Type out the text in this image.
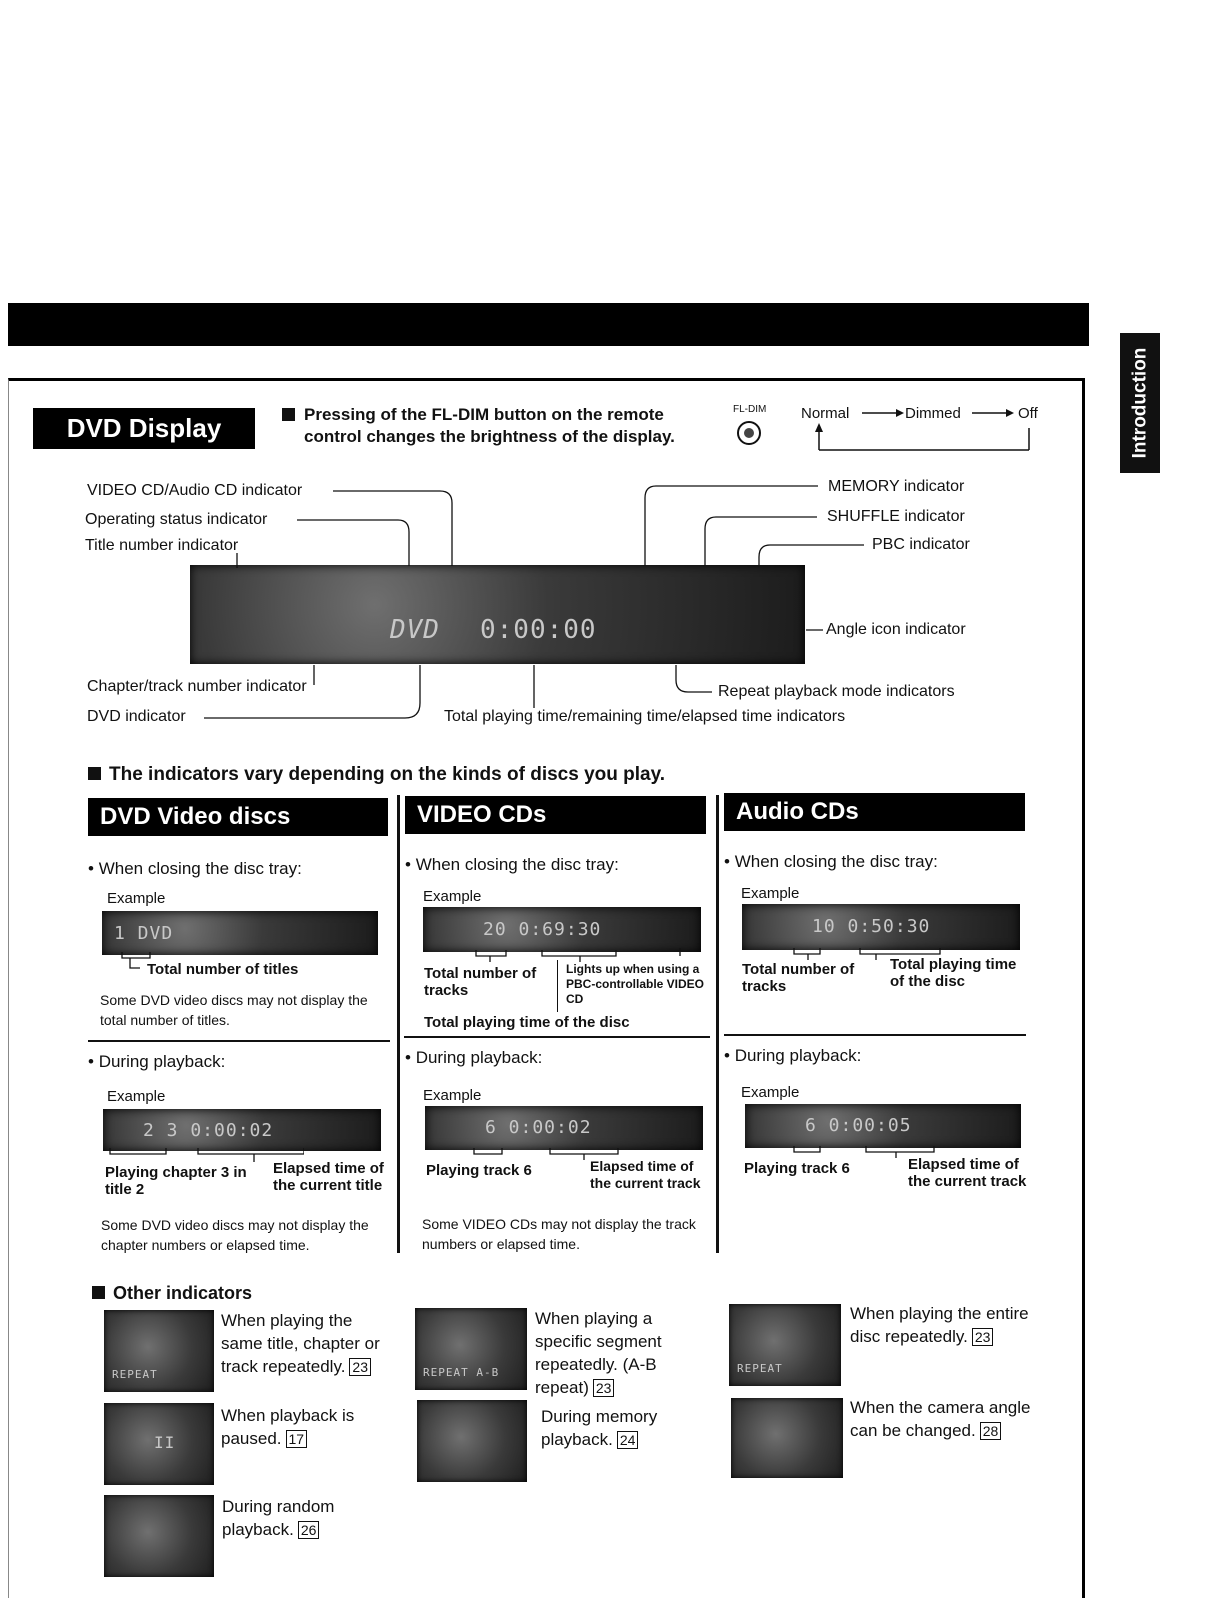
Introduction
DVD Display	Pressing of the FL-DIM button on the remote control changes the brightness of the display.
FL-DIM Normal	Dimmed	Off
DVD 0:00:00
VIDEO CD/Audio CD indicator
Operating status indicator
Title number indicator
MEMORY indicator
SHUFFLE indicator
PBC indicator
Angle icon indicator
Chapter/track number indicator
DVD indicator
Repeat playback mode indicators
Total playing time/remaining time/elapsed time indicators
The indicators vary depending on the kinds of discs you play.
DVD Video discs
• When closing the disc tray:
Example
1 DVD
Total number of titles
Some DVD video discs may not display the total number of titles.
• During playback:
Example
2 3 0:00:02
Playing chapter 3 in title 2
Elapsed time of the current title
Some DVD video discs may not display the chapter numbers or elapsed time.
VIDEO CDs
• When closing the disc tray:
Example
20 0:69:30
Total number of tracks
Lights up when using a PBC-controllable VIDEO CD
Total playing time of the disc
• During playback:
Example
6 0:00:02
Playing track 6	Elapsed time of the current track
Some VIDEO CDs may not display the track numbers or elapsed time.
Audio CDs
• When closing the disc tray:
Example
10 0:50:30
Total number of tracks
Total playing time of the disc
• During playback:
Example
6 0:00:05
Playing track 6	Elapsed time of the current track
Other indicators
REPEAT
When playing the same title, chapter or track repeatedly. 23
II
When playback is paused. 17
During random playback. 26
REPEAT A-B
When playing a specific segment repeatedly. (A-B repeat) 23
During memory playback. 24
REPEAT
When playing the entire disc repeatedly. 23
When the camera angle can be changed. 28
